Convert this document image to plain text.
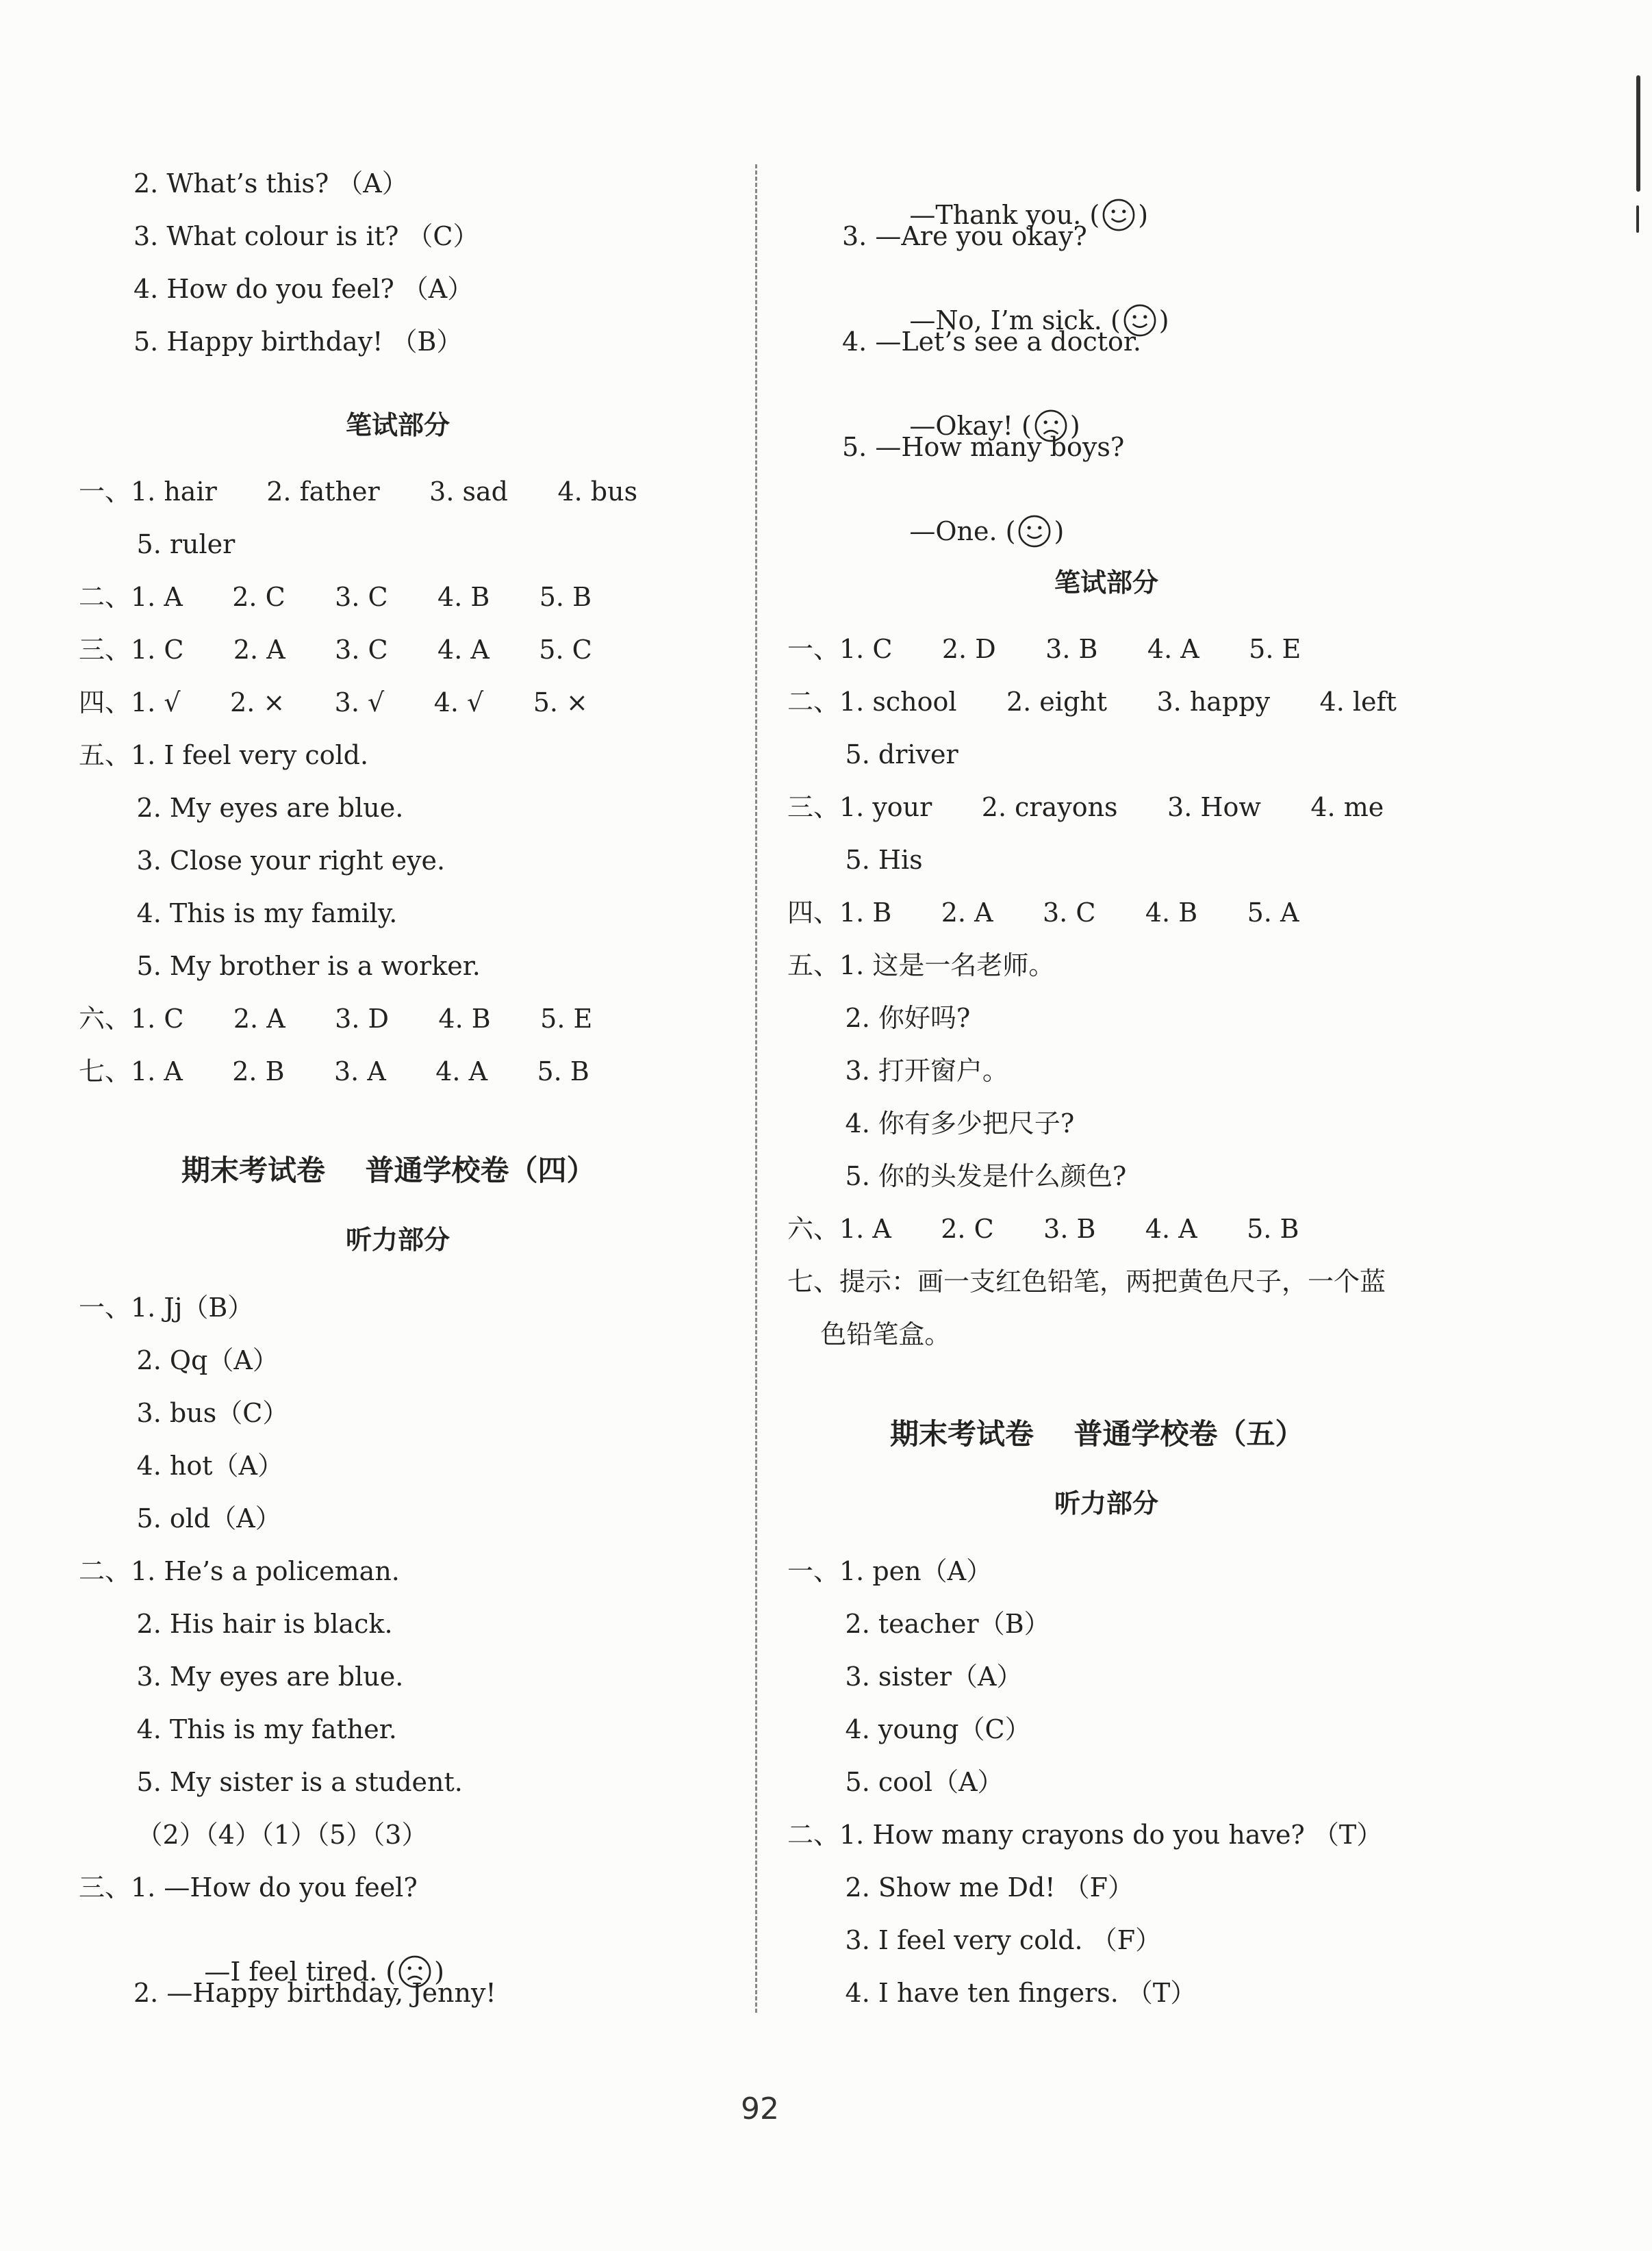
2. What’s this? （A）
3. What colour is it? （C）
4. How do you feel? （A）
5. Happy birthday! （B）
笔试部分
一、1. hair      2. father      3. sad      4. bus
5. ruler
二、1. A      2. C      3. C      4. B      5. B
三、1. C      2. A      3. C      4. A      5. C
四、1. √      2. ×      3. √      4. √      5. ×
五、1. I feel very cold.
2. My eyes are blue.
3. Close your right eye.
4. This is my family.
5. My brother is a worker.
六、1. C      2. A      3. D      4. B      5. E
七、1. A      2. B      3. A      4. A      5. B
期末考试卷    普通学校卷（四）
听力部分
一、1. Jj（B）
2. Qq（A）
3. bus（C）
4. hot（A）
5. old（A）
二、1. He’s a policeman.
2. His hair is black.
3. My eyes are blue.
4. This is my father.
5. My sister is a student.
（2）（4）（1）（5）（3）
三、1. —How do you feel?

—I feel tired. ( )

2. —Happy birthday, Jenny!

—Thank you. ( )

3. —Are you okay?

—No, I’m sick. ( )

4. —Let’s see a doctor.

—Okay! ( )

5. —How many boys?

—One. ( )

笔试部分
一、1. C      2. D      3. B      4. A      5. E
二、1. school      2. eight      3. happy      4. left
5. driver
三、1. your      2. crayons      3. How      4. me
5. His
四、1. B      2. A      3. C      4. B      5. A
五、1. 这是一名老师。
2. 你好吗?
3. 打开窗户。
4. 你有多少把尺子?
5. 你的头发是什么颜色?
六、1. A      2. C      3. B      4. A      5. B
七、提示：画一支红色铅笔，两把黄色尺子，一个蓝
色铅笔盒。
期末考试卷    普通学校卷（五）
听力部分
一、1. pen（A）
2. teacher（B）
3. sister（A）
4. young（C）
5. cool（A）
二、1. How many crayons do you have? （T）
2. Show me Dd! （F）
3. I feel very cold. （F）
4. I have ten fingers. （T）
92
